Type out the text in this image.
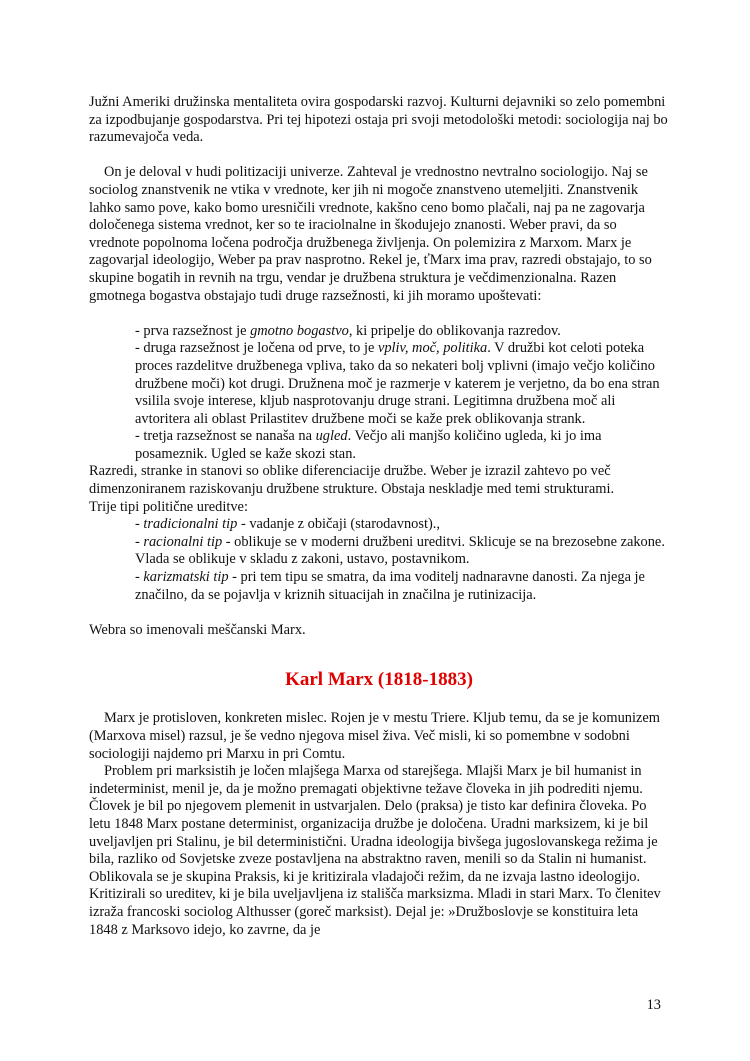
Južni Ameriki družinska mentaliteta ovira gospodarski razvoj. Kulturni dejavniki so zelo pomembni za izpodbujanje gospodarstva. Pri tej hipotezi ostaja pri svoji metodološki metodi: sociologija naj bo razumevajoča veda.

On je deloval v hudi politizaciji univerze. Zahteval je vrednostno nevtralno sociologijo. Naj se sociolog znanstvenik ne vtika v vrednote, ker jih ni mogoče znanstveno utemeljiti. Znanstvenik lahko samo pove, kako bomo uresničili vrednote, kakšno ceno bomo plačali, naj pa ne zagovarja določenega sistema vrednot, ker so te iraciolnalne in škodujejo znanosti. Weber pravi, da so vrednote popolnoma ločena področja družbenega življenja. On polemizira z Marxom. Marx je zagovarjal ideologijo, Weber pa prav nasprotno. Rekel je, ťMarx ima prav, razredi obstajajo, to so skupine bogatih in revnih na trgu, vendar je družbena struktura je večdimenzionalna. Razen gmotnega bogastva obstajajo tudi druge razsežnosti, ki jih moramo upoštevati:

- prva razsežnost je gmotno bogastvo, ki pripelje do oblikovanja razredov.

- druga razsežnost je ločena od prve, to je vpliv, moč, politika. V družbi kot celoti poteka proces razdelitve družbenega vpliva, tako da so nekateri bolj vplivni (imajo večjo količino družbene moči) kot drugi. Družnena moč je razmerje v katerem je verjetno, da bo ena stran vsilila svoje interese, kljub nasprotovanju druge strani. Legitimna družbena moč ali avtoritera ali oblast Prilastitev družbene moči se kaže prek oblikovanja strank.

- tretja razsežnost se nanaša na ugled. Večjo ali manjšo količino ugleda, ki jo ima posameznik. Ugled se kaže skozi stan.

Razredi, stranke in stanovi so oblike diferenciacije družbe. Weber je izrazil zahtevo po več dimenzoniranem raziskovanju družbene strukture. Obstaja neskladje med temi strukturami.

Trije tipi politične ureditve:

- tradicionalni tip - vadanje z običaji (starodavnost).,

- racionalni tip - oblikuje se v moderni družbeni ureditvi. Sklicuje se na brezosebne zakone. Vlada se oblikuje v skladu z zakoni, ustavo, postavnikom.

- karizmatski tip - pri tem tipu se smatra, da ima voditelj nadnaravne danosti. Za njega je značilno, da se pojavlja v kriznih situacijah in značilna je rutinizacija.

Webra so imenovali meščanski Marx.

Karl Marx (1818-1883)

Marx je protisloven, konkreten mislec. Rojen je v mestu Triere. Kljub temu, da se je komunizem (Marxova misel) razsul, je še vedno njegova misel živa. Več misli, ki so pomembne v sodobni sociologiji najdemo pri Marxu in pri Comtu.

Problem pri marksistih je ločen mlajšega Marxa od starejšega. Mlajši Marx je bil humanist in indeterminist, menil je, da je možno premagati objektivne težave človeka in jih podrediti njemu. Človek je bil po njegovem plemenit in ustvarjalen. Delo (praksa) je tisto kar definira človeka. Po letu 1848 Marx postane determinist, organizacija družbe je določena. Uradni marksizem, ki je bil uveljavljen pri Stalinu, je bil deterministični. Uradna ideologija bivšega jugoslovanskega režima je bila, razliko od Sovjetske zveze postavljena na abstraktno raven, menili so da Stalin ni humanist. Oblikovala se je skupina Praksis, ki je kritizirala vladajoči režim, da ne izvaja lastno ideologijo. Kritizirali so ureditev, ki je bila uveljavljena iz stališča marksizma. Mladi in stari Marx. To členitev izraža francoski sociolog Althusser (goreč marksist). Dejal je: »Družboslovje se konstituira leta 1848 z Marksovo idejo, ko zavrne, da je

13
